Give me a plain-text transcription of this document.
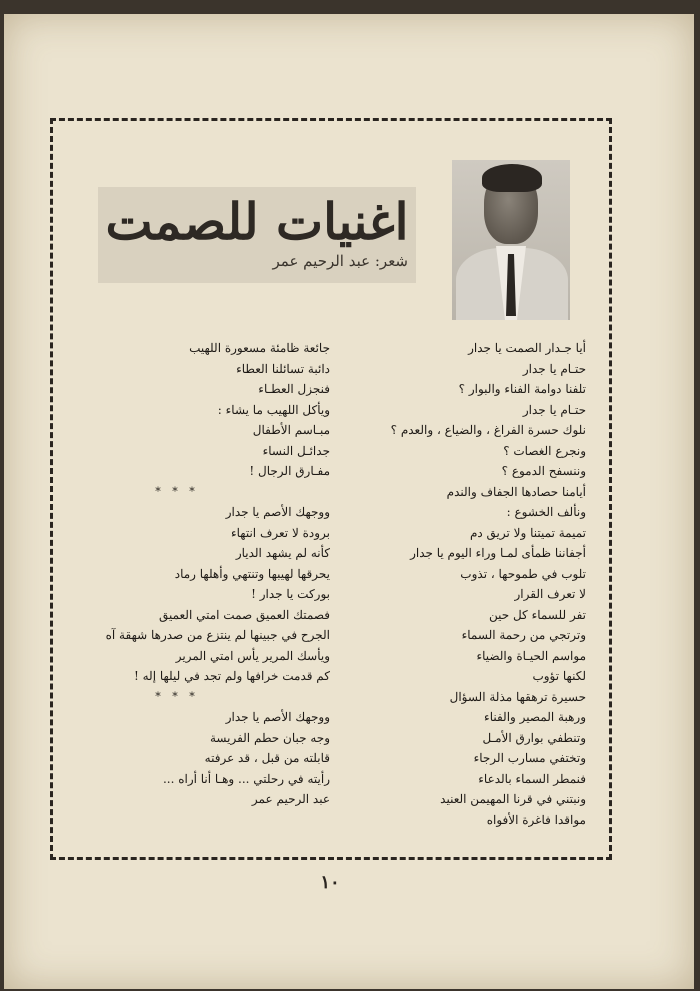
اغنيات للصمت
شعر: عبد الرحيم عمر
أيا جـدار الصمت يا جدار
حتـام يا جدار
تلفنا دوامة الفناء والبوار ؟
حتـام يا جدار
نلوك حسرة الفراغ ، والضياع ، والعدم ؟
ونجرع الغصات ؟
وننسفح الدموع ؟
أيامنا حصادها الجفاف والندم
ونألف الخشوع :
تميمة تميتنا ولا تريق دم
أجفاننا ظمأى لمـا وراء اليوم يا جدار
تلوب في طموحها ، تذوب
لا تعرف القرار
تفر للسماء كل حين
وترتجي من رحمة السماء
مواسم الحيـاة والضياء
لكنها تؤوب
حسيرة ترهقها مذلة السؤال
ورهبة المصير والفناء
وتنطفي بوارق الأمـل
وتختفي مسارب الرجاء
فنمطر السماء بالدعاء
ونبتني في قرنا المهيمن العنيد
مواقدا فاغرة الأفواه
جائعة ظامئة مسعورة اللهيب
دائبة تسائلنا العطاء
فنجزل العطـاء
ويأكل اللهيب ما يشاء :
مبـاسم الأطفال
جدائـل النساء
مفـارق الرجال !
* * *
ووجهك الأصم يا جدار
برودة لا تعرف انتهاء
كأنه لم يشهد الديار
يحرقها لهيبها وتنتهي وأهلها رماد
بوركت يا جدار !
فصمتك العميق صمت امتي العميق
الجرح في جبينها لم ينتزع من صدرها شهقة آه
ويأسك المرير يأس امتي المرير
كم قدمت خرافها ولم تجد في ليلها إله !
* * *
ووجهك الأصم يا جدار
وجه جبان حطم الفريسة
قابلته من قبل ، قد عرفته
رأيته في رحلتي ... وهـا أنا أراه ...
عبد الرحيم عمر
١٠
